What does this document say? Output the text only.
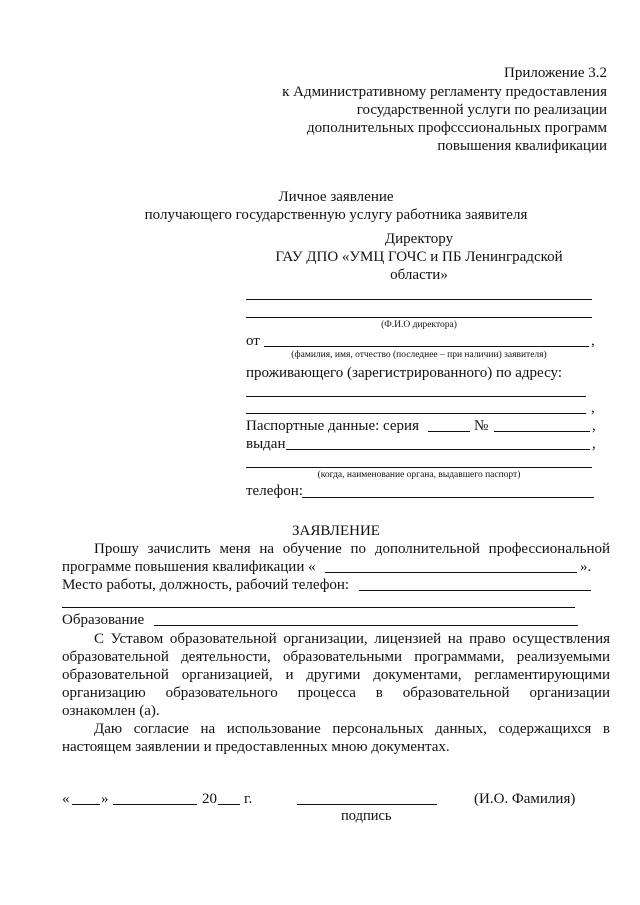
Приложение 3.2
к Административному регламенту предоставления
государственной услуги по реализации
дополнительных профсссиональных программ
повышения квалификации
Личное заявление
получающего государственную услугу работника заявителя
Директору
ГАУ ДПО «УМЦ ГОЧС и ПБ Ленинградской
области»
(Ф.И.О директора)
от	,
(фамилия, имя, отчество (последнее – при наличии) заявителя)
проживающего (зарегистрированного) по адресу:
,
Паспортные данные: серия	№	,
выдан	,
(когда, наименование органа, выдавшего паспорт)
телефон:
ЗАЯВЛЕНИЕ
Прошу зачислить меня на обучение по дополнительной профессиональной
программе повышения квалификации «	».
Место работы, должность, рабочий телефон:
Образование
С Уставом образовательной организации, лицензией на право осуществления
образовательной деятельности, образовательными программами, реализуемыми
образовательной организацией, и другими документами, регламентирующими
организацию образовательного процесса в образовательной организации
ознакомлен (а).
Даю согласие на использование персональных данных, содержащихся в
настоящем заявлении и предоставленных мною документах.
« »	20 г.	(И.О. Фамилия)
подпись
